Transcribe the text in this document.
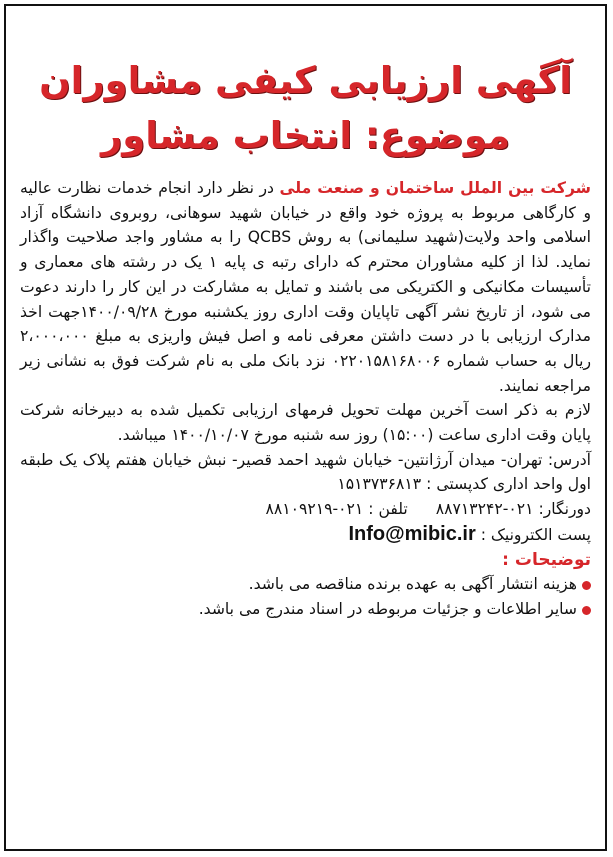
آگهی ارزیابی کیفی مشاوران
موضوع: انتخاب مشاور
شرکت بین الملل ساختمان و صنعت ملی در نظر دارد انجام خدمات نظارت عالیه و کارگاهی مربوط به پروژه خود واقع در خیابان شهید سوهانی، روبروی دانشگاه آزاد اسلامی واحد ولایت(شهید سلیمانی) به روش QCBS را به مشاور واجد صلاحیت واگذار نماید. لذا از کلیه مشاوران محترم که دارای رتبه ی پایه ۱ یک در رشته های معماری و تأسیسات مکانیکی و الکتریکی می باشند و تمایل به مشارکت در این کار را دارند دعوت می شود، از تاریخ نشر آگهی تاپایان وقت اداری روز یکشنبه مورخ ۱۴۰۰/۰۹/۲۸جهت اخذ مدارک ارزیابی با در دست داشتن معرفی نامه و اصل فیش واریزی به مبلغ ۲،۰۰۰،۰۰۰ ریال به حساب شماره ۰۲۲۰۱۵۸۱۶۸۰۰۶ نزد بانک ملی به نام شرکت فوق به نشانی زیر مراجعه نمایند.
لازم به ذکر است آخرین مهلت تحویل فرمهای ارزیابی تکمیل شده به دبیرخانه شرکت پایان وقت اداری ساعت (۱۵:۰۰) روز سه شنبه مورخ ۱۴۰۰/۱۰/۰۷ میباشد.
آدرس: تهران- میدان آرژانتین- خیابان شهید احمد قصیر- نبش خیابان هفتم پلاک یک طبقه اول واحد اداری کدپستی : ۱۵۱۳۷۳۶۸۱۳
دورنگار: ۰۲۱-۸۸۷۱۳۲۴۲تلفن : ۰۲۱-۸۸۱۰۹۲۱۹
پست الکترونیک : Info@mibic.ir
توضیحات :
هزینه انتشار آگهی به عهده برنده مناقصه می باشد.
سایر اطلاعات و جزئیات مربوطه در اسناد مندرج می باشد.
